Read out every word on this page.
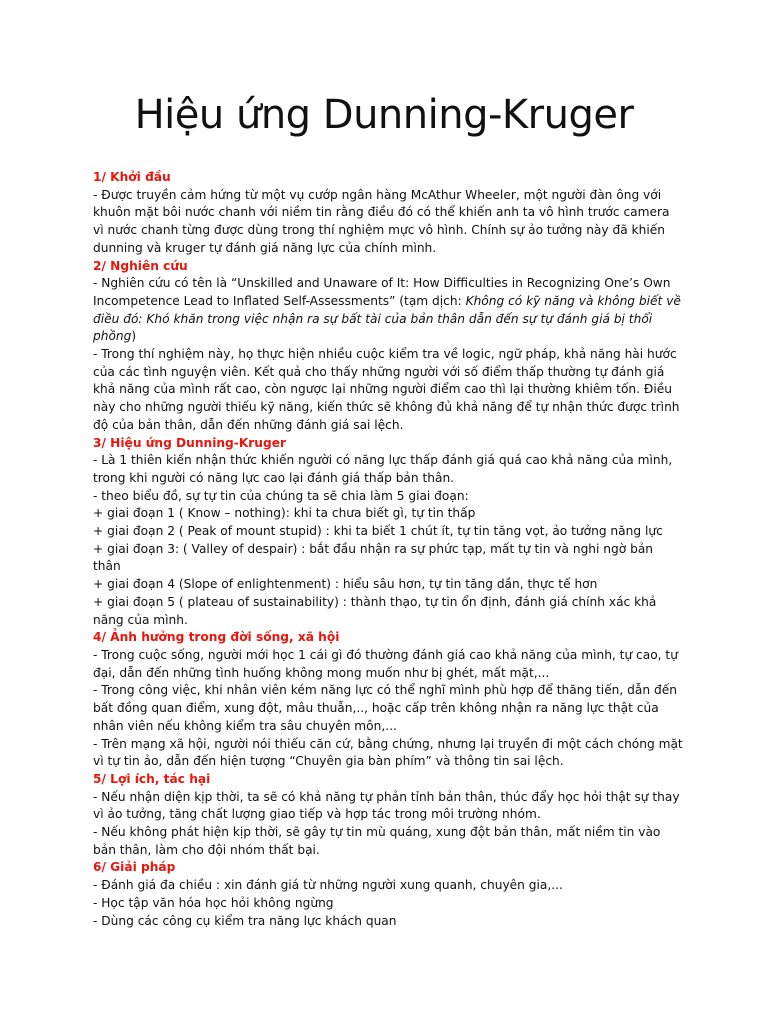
Hiệu ứng Dunning-Kruger

1/ Khởi đầu

- Được truyền cảm hứng từ một vụ cướp ngân hàng McAthur Wheeler, một người đàn ông với khuôn mặt bôi nước chanh với niềm tin rằng điều đó có thể khiến anh ta vô hình trước camera vì nước chanh từng được dùng trong thí nghiệm mực vô hình. Chính sự ảo tưởng này đã khiến dunning và kruger tự đánh giá năng lực của chính mình.

2/ Nghiên cứu

- Nghiên cứu có tên là “Unskilled and Unaware of It: How Difficulties in Recognizing One’s Own Incompetence Lead to Inflated Self-Assessments” (tạm dịch: Không có kỹ năng và không biết về điều đó: Khó khăn trong việc nhận ra sự bất tài của bản thân dẫn đến sự tự đánh giá bị thổi phồng)

- Trong thí nghiệm này, họ thực hiện nhiều cuộc kiểm tra về logic, ngữ pháp, khả năng hài hước của các tình nguyện viên. Kết quả cho thấy những người với số điểm thấp thường tự đánh giá khả năng của mình rất cao, còn ngược lại những người điểm cao thì lại thường khiêm tốn. Điều này cho những người thiếu kỹ năng, kiến thức sẽ không đủ khả năng để tự nhận thức được trình độ của bản thân, dẫn đến những đánh giá sai lệch.

3/ Hiệu ứng Dunning-Kruger

- Là 1 thiên kiến nhận thức khiến người có năng lực thấp đánh giá quá cao khả năng của mình, trong khi người có năng lực cao lại đánh giá thấp bản thân.

- theo biểu đồ, sự tự tin của chúng ta sẽ chia làm 5 giai đoạn:

+ giai đoạn 1 ( Know – nothing): khi ta chưa biết gì, tự tin thấp

+ giai đoạn 2 ( Peak of mount stupid) : khi ta biết 1 chút ít, tự tin tăng vọt, ảo tưởng năng lực

+ giai đoạn 3: ( Valley of despair) : bắt đầu nhận ra sự phức tạp, mất tự tin và nghi ngờ bản thân

+ giai đoạn 4 (Slope of enlightenment) : hiểu sâu hơn, tự tin tăng dần, thực tế hơn

+ giai đoạn 5 ( plateau of sustainability) : thành thạo, tự tin ổn định, đánh giá chính xác khả năng của mình.

4/ Ảnh hưởng trong đời sống, xã hội

- Trong cuộc sống, người mới học 1 cái gì đó thường đánh giá cao khả năng của mình, tự cao, tự đại, dẫn đến những tình huống không mong muốn như bị ghét, mất mặt,...

- Trong công việc, khi nhân viên kém năng lực có thể nghĩ mình phù hợp để thăng tiến, dẫn đến bất đồng quan điểm, xung đột, mâu thuẫn,.., hoặc cấp trên không nhận ra năng lực thật của nhân viên nếu không kiểm tra sâu chuyên môn,...

- Trên mạng xã hội, người nói thiếu căn cứ, bằng chứng, nhưng lại truyền đi một cách chóng mặt vì tự tin ảo, dẫn đến hiện tượng “Chuyên gia bàn phím” và thông tin sai lệch.

5/ Lợi ích, tác hại

- Nếu nhận diện kịp thời, ta sẽ có khả năng tự phản tỉnh bản thân, thúc đẩy học hỏi thật sự thay vì ảo tưởng, tăng chất lượng giao tiếp và hợp tác trong môi trường nhóm.

- Nếu không phát hiện kịp thời, sẽ gây tự tin mù quáng, xung đột bản thân, mất niềm tin vào bản thân, làm cho đội nhóm thất bại.

6/ Giải pháp

- Đánh giá đa chiều : xin đánh giá từ những người xung quanh, chuyên gia,...

- Học tập văn hóa học hỏi không ngừng

- Dùng các công cụ kiểm tra năng lực khách quan
